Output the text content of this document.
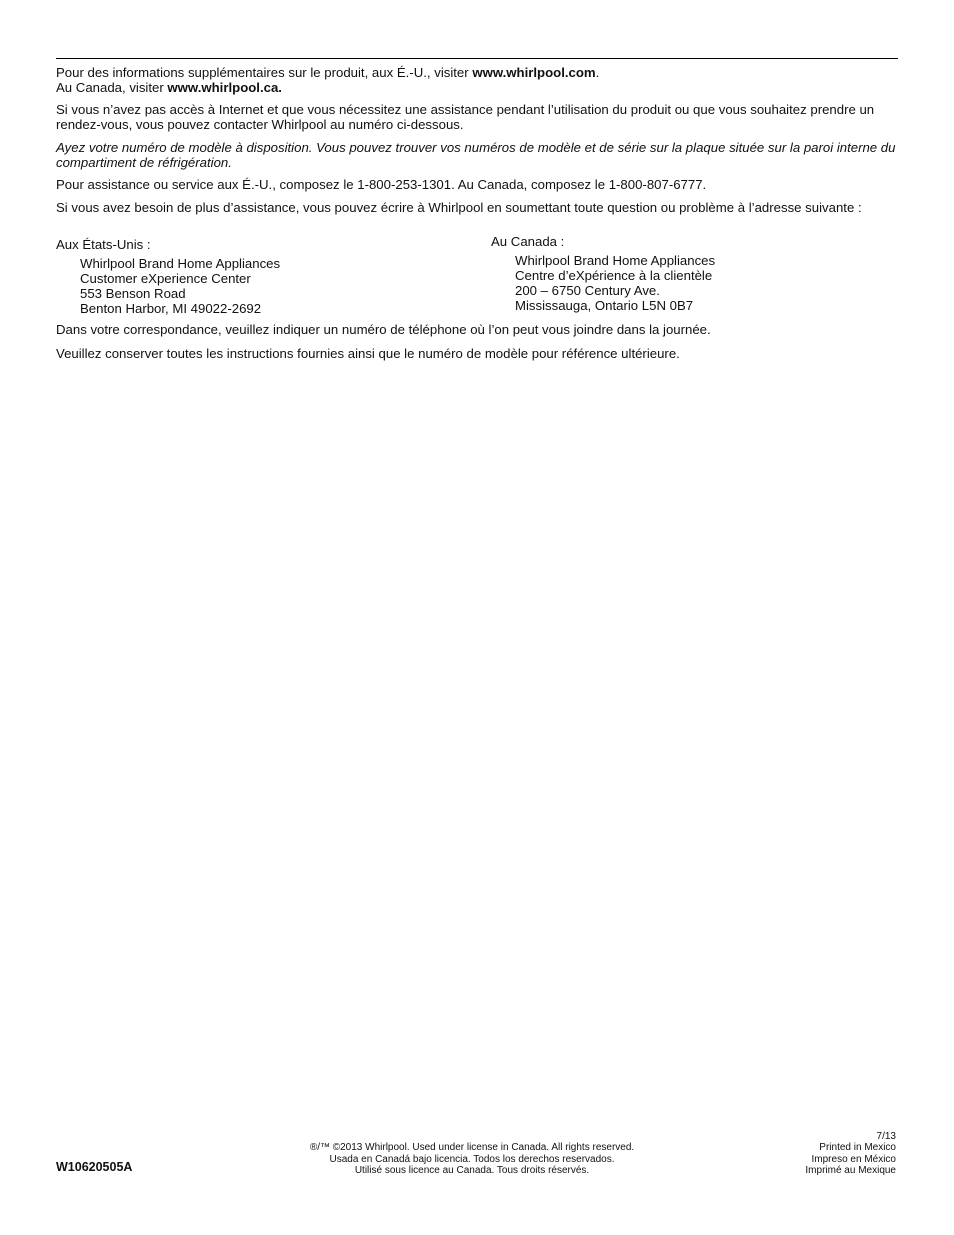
Pour des informations supplémentaires sur le produit, aux É.-U., visiter www.whirlpool.com.
Au Canada, visiter www.whirlpool.ca.

Si vous n’avez pas accès à Internet et que vous nécessitez une assistance pendant l’utilisation du produit ou que vous souhaitez prendre un rendez-vous, vous pouvez contacter Whirlpool au numéro ci-dessous.

Ayez votre numéro de modèle à disposition. Vous pouvez trouver vos numéros de modèle et de série sur la plaque située sur la paroi interne du compartiment de réfrigération.

Pour assistance ou service aux É.-U., composez le 1-800-253-1301. Au Canada, composez le 1-800-807-6777.

Si vous avez besoin de plus d’assistance, vous pouvez écrire à Whirlpool en soumettant toute question ou problème à l’adresse suivante :

Aux États-Unis :
Whirlpool Brand Home Appliances
Customer eXperience Center
553 Benson Road
Benton Harbor, MI 49022-2692
Au Canada :
Whirlpool Brand Home Appliances
Centre d’eXpérience à la clientèle
200 – 6750 Century Ave.
Mississauga, Ontario L5N 0B7

Dans votre correspondance, veuillez indiquer un numéro de téléphone où l’on peut vous joindre dans la journée.

Veuillez conserver toutes les instructions fournies ainsi que le numéro de modèle pour référence ultérieure.

W10620505A
®/™ ©2013 Whirlpool. Used under license in Canada. All rights reserved.
Usada en Canadá bajo licencia. Todos los derechos reservados.
Utilisé sous licence au Canada. Tous droits réservés.
7/13
Printed in Mexico
Impreso en México
Imprimé au Mexique
